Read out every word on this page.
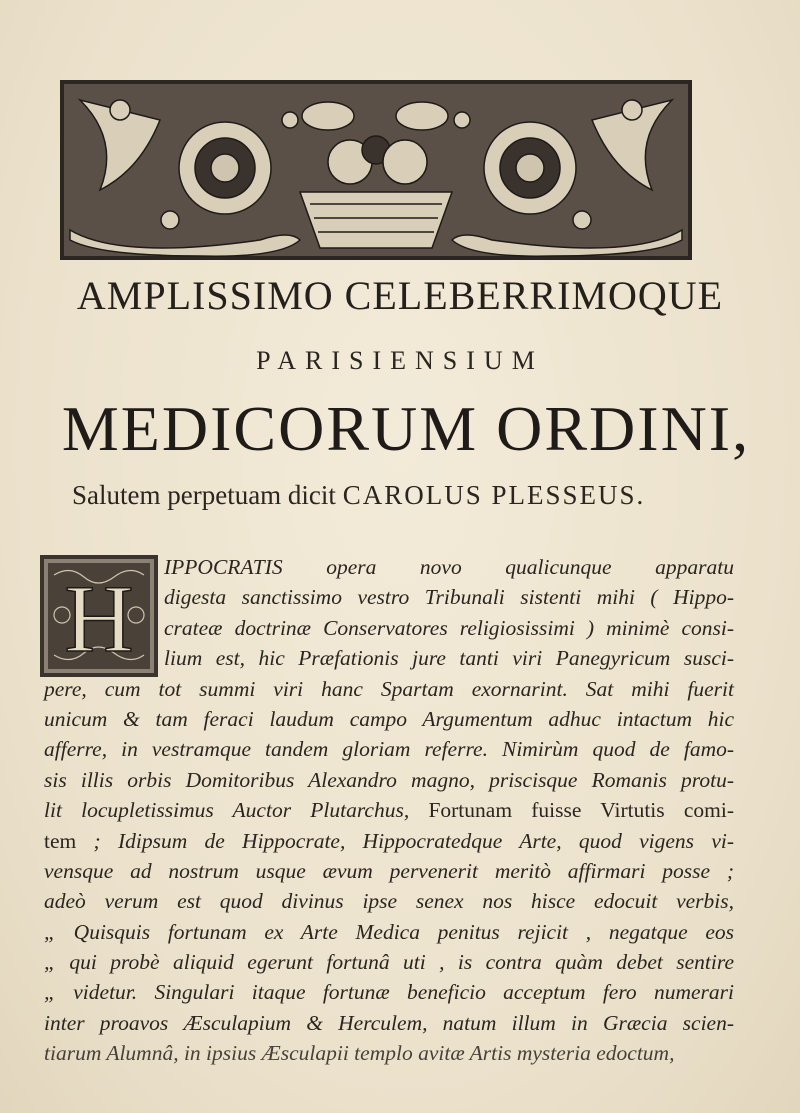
AMPLISSIMO CELEBERRIMOQUE
PARISIENSIUM
MEDICORUM ORDINI,
Salutem perpetuam dicit CAROLUS PLESSEUS.
H	IPPOCRATIS opera novo qualicunque apparatu
digesta sanctissimo vestro Tribunali sistenti mihi ( Hippo-
crateæ doctrinæ Conservatores religiosissimi ) minimè consi-
lium est, hic Præfationis jure tanti viri Panegyricum susci-
pere, cum tot summi viri hanc Spartam exornarint. Sat mihi fuerit
unicum & tam feraci laudum campo Argumentum adhuc intactum hic
afferre, in vestramque tandem gloriam referre. Nimirùm quod de famo-
sis illis orbis Domitoribus Alexandro magno, priscisque Romanis protu-
lit locupletissimus Auctor Plutarchus, Fortunam fuisse Virtutis comi-
tem ; Idipsum de Hippocrate, Hippocratedque Arte, quod vigens vi-
vensque ad nostrum usque ævum pervenerit meritò affirmari posse ;
adeò verum est quod divinus ipse senex nos hisce edocuit verbis,
„ Quisquis fortunam ex Arte Medica penitus rejicit , negatque eos
„ qui probè aliquid egerunt fortunâ uti , is contra quàm debet sentire
„ videtur. Singulari itaque fortunæ beneficio acceptum fero numerari
inter proavos Æsculapium & Herculem, natum illum in Græcia scien-
tiarum Alumnâ, in ipsius Æsculapii templo avitæ Artis mysteria edoctum,
